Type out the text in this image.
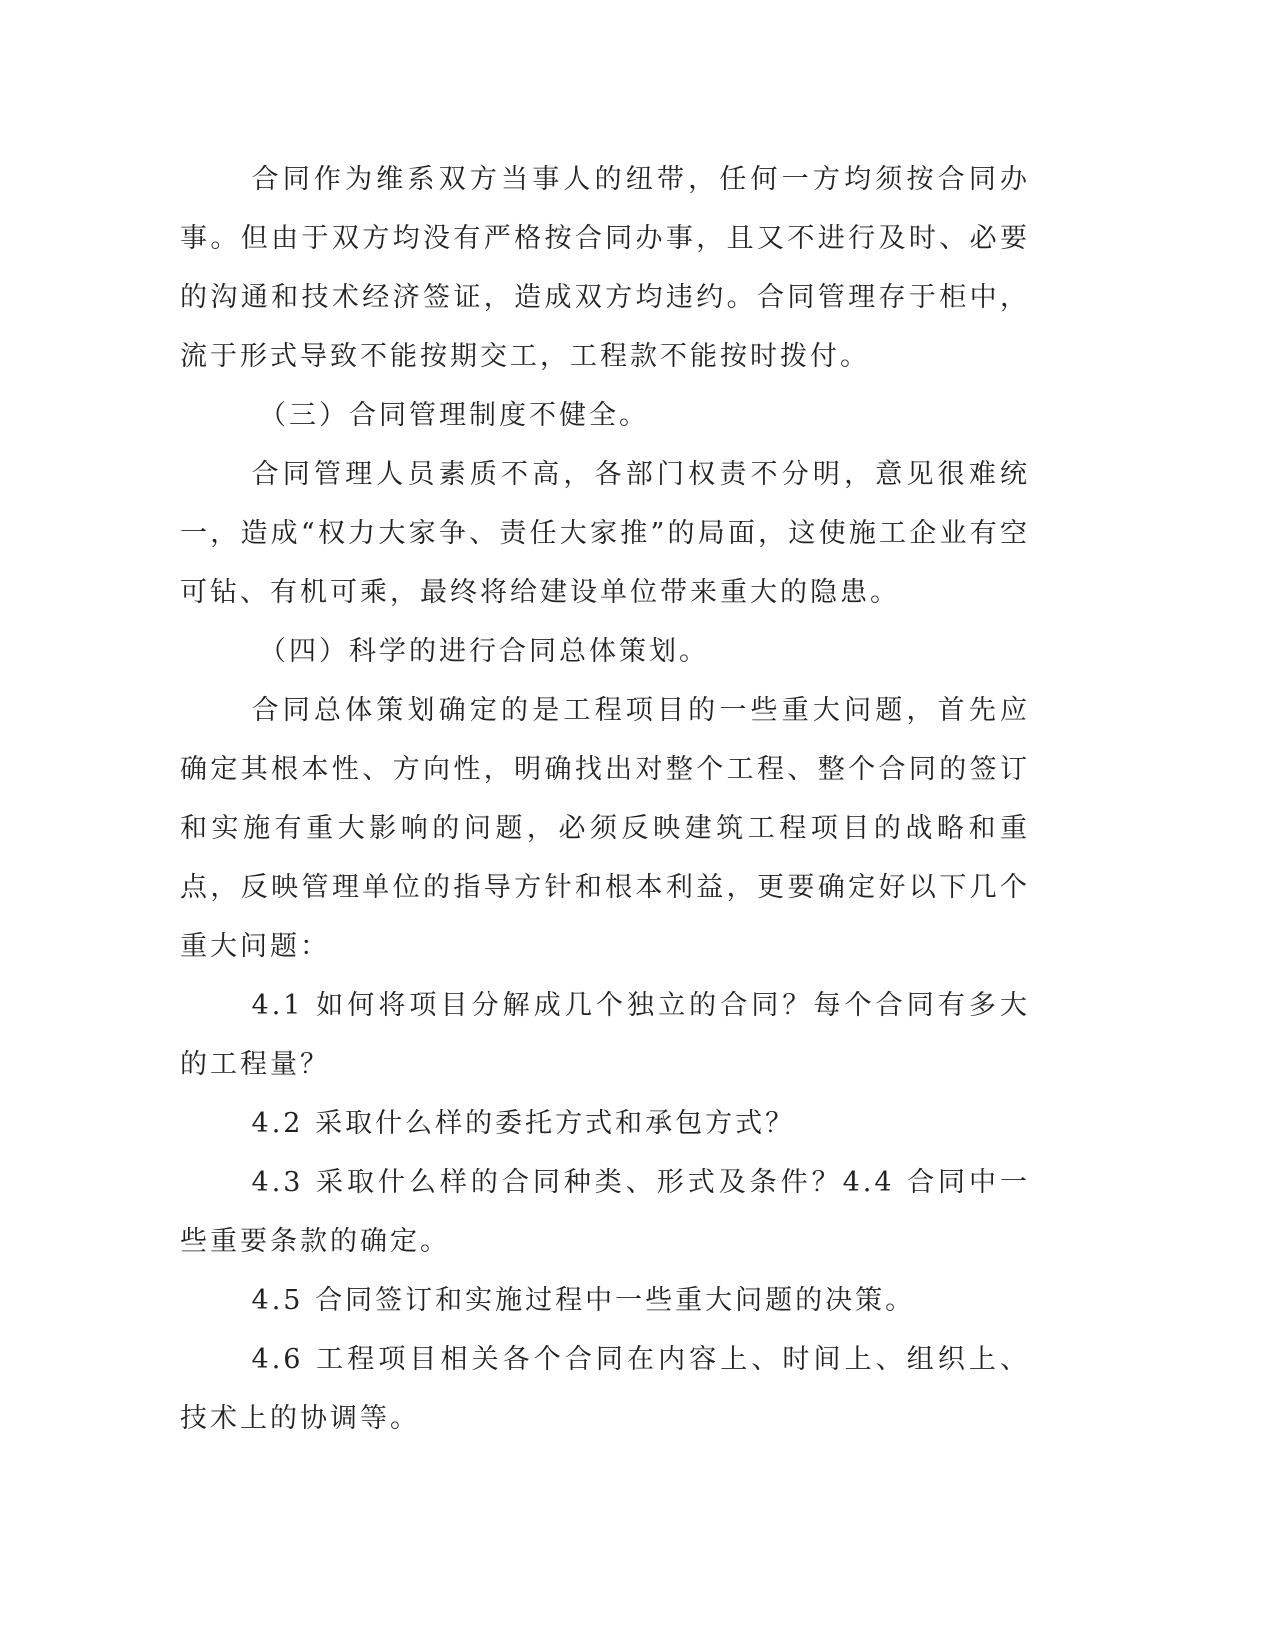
合同作为维系双方当事人的纽带，任何一方均须按合同办事。但由于双方均没有严格按合同办事，且又不进行及时、必要的沟通和技术经济签证，造成双方均违约。合同管理存于柜中，流于形式导致不能按期交工，工程款不能按时拨付。

（三）合同管理制度不健全。

合同管理人员素质不高，各部门权责不分明，意见很难统一，造成“权力大家争、责任大家推”的局面，这使施工企业有空可钻、有机可乘，最终将给建设单位带来重大的隐患。

（四）科学的进行合同总体策划。

合同总体策划确定的是工程项目的一些重大问题，首先应确定其根本性、方向性，明确找出对整个工程、整个合同的签订和实施有重大影响的问题，必须反映建筑工程项目的战略和重点，反映管理单位的指导方针和根本利益，更要确定好以下几个重大问题：

4.1 如何将项目分解成几个独立的合同？每个合同有多大的工程量？

4.2 采取什么样的委托方式和承包方式？

4.3 采取什么样的合同种类、形式及条件？4.4 合同中一些重要条款的确定。

4.5 合同签订和实施过程中一些重大问题的决策。

4.6 工程项目相关各个合同在内容上、时间上、组织上、技术上的协调等。
